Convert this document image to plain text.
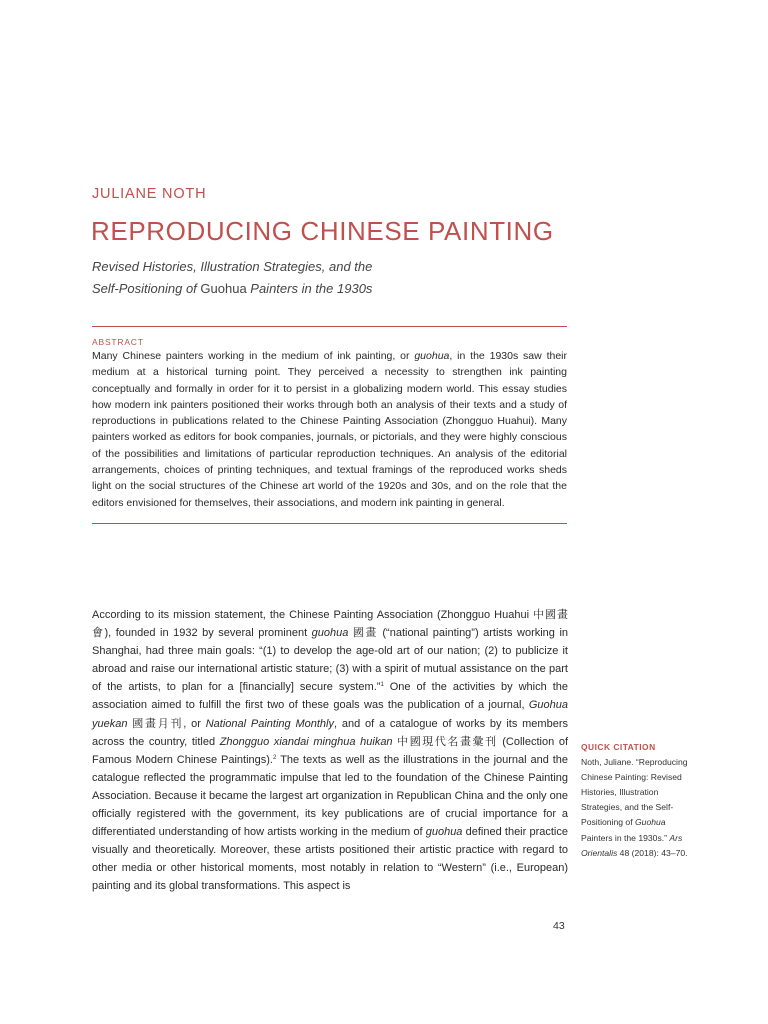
JULIANE NOTH
REPRODUCING CHINESE PAINTING
Revised Histories, Illustration Strategies, and the
Self-Positioning of Guohua Painters in the 1930s
ABSTRACT
Many Chinese painters working in the medium of ink painting, or guohua, in the 1930s saw their medium at a historical turning point. They perceived a necessity to strengthen ink painting conceptually and formally in order for it to persist in a globalizing modern world. This essay studies how modern ink painters positioned their works through both an analysis of their texts and a study of reproductions in publications related to the Chinese Painting Association (Zhongguo Huahui). Many painters worked as editors for book companies, journals, or pictorials, and they were highly conscious of the possibilities and limitations of particular reproduction techniques. An analysis of the editorial arrangements, choices of printing techniques, and textual framings of the reproduced works sheds light on the social structures of the Chinese art world of the 1920s and 30s, and on the role that the editors envisioned for themselves, their associations, and modern ink painting in general.
According to its mission statement, the Chinese Painting Association (Zhongguo Huahui 中國畫會), founded in 1932 by several prominent guohua 國畫 (“national painting”) artists working in Shanghai, had three main goals: “(1) to develop the age-old art of our nation; (2) to publicize it abroad and raise our international artistic stature; (3) with a spirit of mutual assistance on the part of the artists, to plan for a [financially] secure system.”$^1$ One of the activities by which the association aimed to fulfill the first two of these goals was the publication of a journal, Guohua yuekan 國畫月刊, or National Painting Monthly, and of a catalogue of works by its members across the country, titled Zhongguo xiandai minghua huikan 中國現代名畫彙刊 (Collection of Famous Modern Chinese Paintings).$^2$ The texts as well as the illustrations in the journal and the catalogue reflected the programmatic impulse that led to the foundation of the Chinese Painting Association. Because it became the largest art organization in Republican China and the only one officially registered with the government, its key publications are of crucial importance for a differentiated understanding of how artists working in the medium of guohua defined their practice visually and theoretically. Moreover, these artists positioned their artistic practice with regard to other media or other historical moments, most notably in relation to “Western” (i.e., European) painting and its global transformations. This aspect is
QUICK CITATION
Noth, Juliane. “Reproducing Chinese Painting: Revised Histories, Illustration Strategies, and the Self-Positioning of Guohua Painters in the 1930s.” Ars Orientalis 48 (2018): 43–70.
43
